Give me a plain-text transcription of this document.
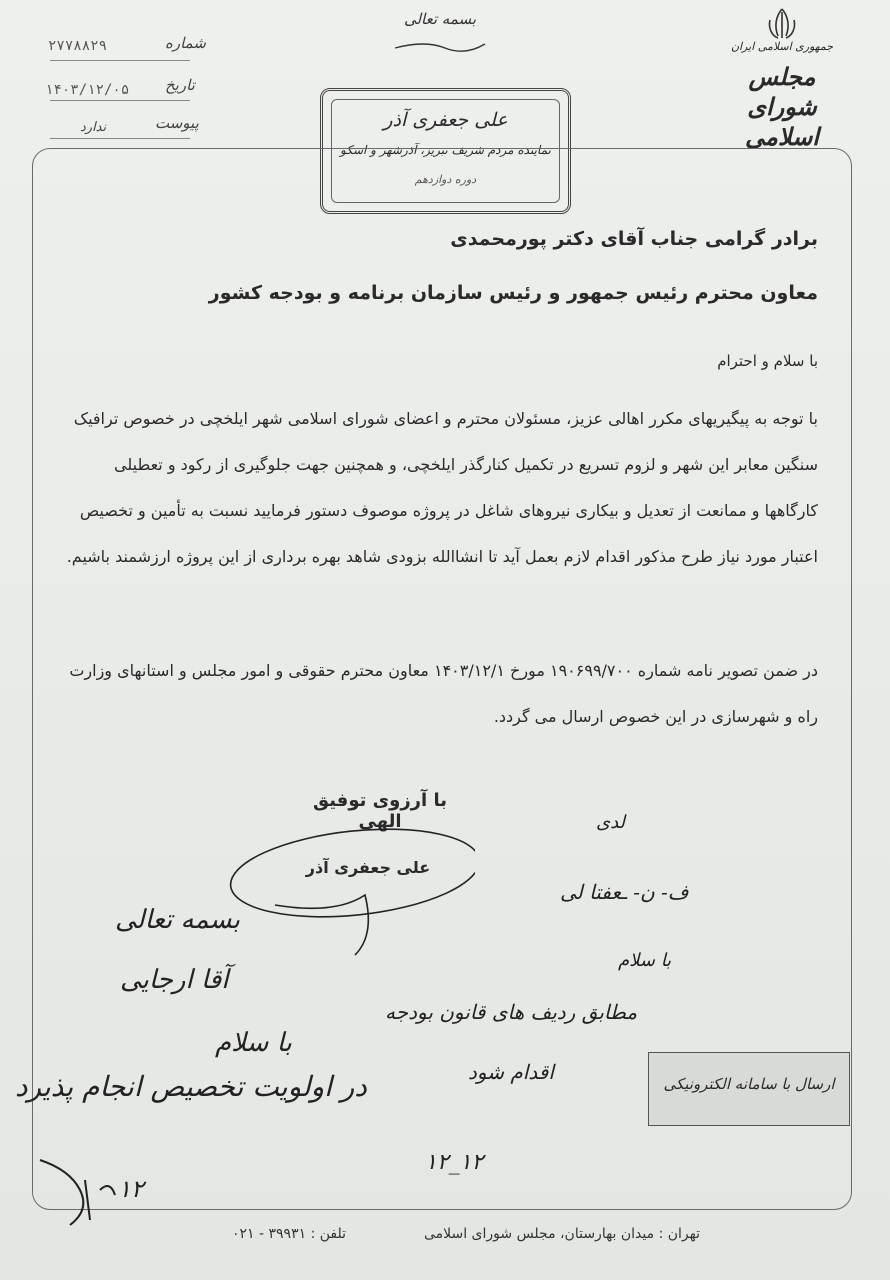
شماره
۲۷۷۸۸۲۹
تاریخ
۱۴۰۳/۱۲/۰۵
پیوست
ندارد
بسمه تعالی
علی جعفری آذر
نماینده مردم شریف تبریز، آذرشهر و اسکو
دوره دوازدهم
جمهوری اسلامی ایران
مجلس شورای اسلامی
برادر گرامی جناب آقای دکتر پورمحمدی
معاون محترم رئیس جمهور و رئیس سازمان برنامه و بودجه کشور
با سلام و احترام
با توجه به پیگیریهای مکرر اهالی عزیز، مسئولان محترم و اعضای شورای اسلامی شهر ایلخچی در خصوص ترافیک سنگین معابر این شهر و لزوم تسریع در تکمیل کنارگذر ایلخچی، و همچنین جهت جلوگیری از رکود و تعطیلی کارگاهها و ممانعت از تعدیل و بیکاری نیروهای شاغل در پروژه موصوف دستور فرمایید نسبت به تأمین و تخصیص اعتبار مورد نیاز طرح مذکور اقدام لازم بعمل آید تا انشاالله بزودی شاهد بهره برداری از این پروژه ارزشمند باشیم.
در ضمن تصویر نامه شماره ۱۹۰۶۹۹/۷۰۰ مورخ ۱۴۰۳/۱۲/۱ معاون محترم حقوقی و امور مجلس و استانهای وزارت راه و شهرسازی در این خصوص ارسال می گردد.
با آرزوی توفیق الهی
علی جعفری آذر
بسمه تعالی
آقا ارجایی
با سلام
در اولویت تخصیص انجام پذیرد
۱۲
لدی
ف- ن- ـعفتا لی
با سلام
مطابق ردیف های قانون بودجه
اقدام شود
۱۲_۱۲
ارسال با سامانه الکترونیکی
تهران : میدان بهارستان، مجلس شورای اسلامی
تلفن : ۳۹۹۳۱ - ۰۲۱
